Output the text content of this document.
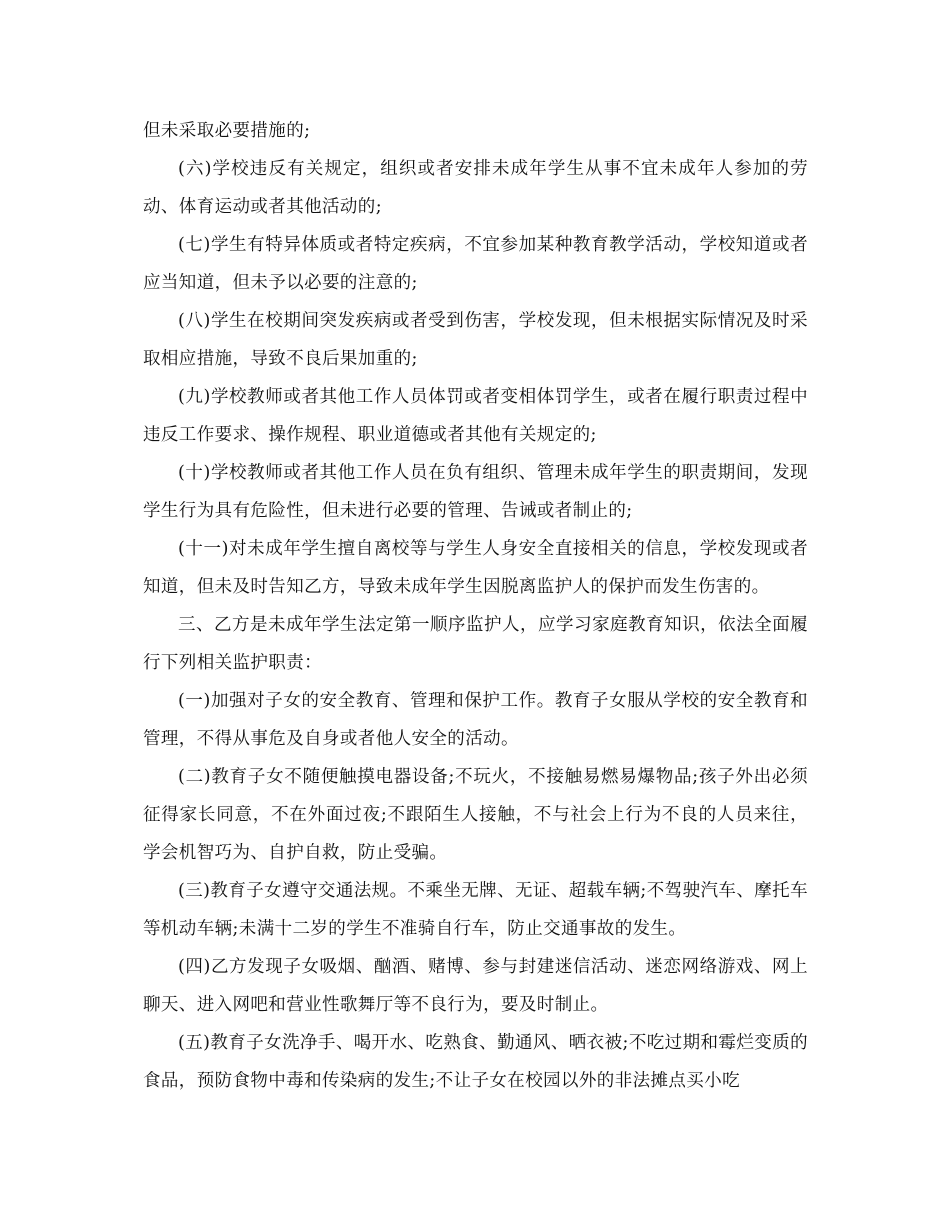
但未采取必要措施的;

(六)学校违反有关规定，组织或者安排未成年学生从事不宜未成年人参加的劳动、体育运动或者其他活动的;

(七)学生有特异体质或者特定疾病，不宜参加某种教育教学活动，学校知道或者应当知道，但未予以必要的注意的;

(八)学生在校期间突发疾病或者受到伤害，学校发现，但未根据实际情况及时采取相应措施，导致不良后果加重的;

(九)学校教师或者其他工作人员体罚或者变相体罚学生，或者在履行职责过程中违反工作要求、操作规程、职业道德或者其他有关规定的;

(十)学校教师或者其他工作人员在负有组织、管理未成年学生的职责期间，发现学生行为具有危险性，但未进行必要的管理、告诫或者制止的;

(十一)对未成年学生擅自离校等与学生人身安全直接相关的信息，学校发现或者知道，但未及时告知乙方，导致未成年学生因脱离监护人的保护而发生伤害的。

三、乙方是未成年学生法定第一顺序监护人，应学习家庭教育知识，依法全面履行下列相关监护职责：

(一)加强对子女的安全教育、管理和保护工作。教育子女服从学校的安全教育和管理，不得从事危及自身或者他人安全的活动。

(二)教育子女不随便触摸电器设备;不玩火，不接触易燃易爆物品;孩子外出必须征得家长同意，不在外面过夜;不跟陌生人接触，不与社会上行为不良的人员来往，学会机智巧为、自护自救，防止受骗。

(三)教育子女遵守交通法规。不乘坐无牌、无证、超载车辆;不驾驶汽车、摩托车等机动车辆;未满十二岁的学生不准骑自行车，防止交通事故的发生。

(四)乙方发现子女吸烟、酗酒、赌博、参与封建迷信活动、迷恋网络游戏、网上聊天、进入网吧和营业性歌舞厅等不良行为，要及时制止。

(五)教育子女洗净手、喝开水、吃熟食、勤通风、晒衣被;不吃过期和霉烂变质的食品，预防食物中毒和传染病的发生;不让子女在校园以外的非法摊点买小吃
